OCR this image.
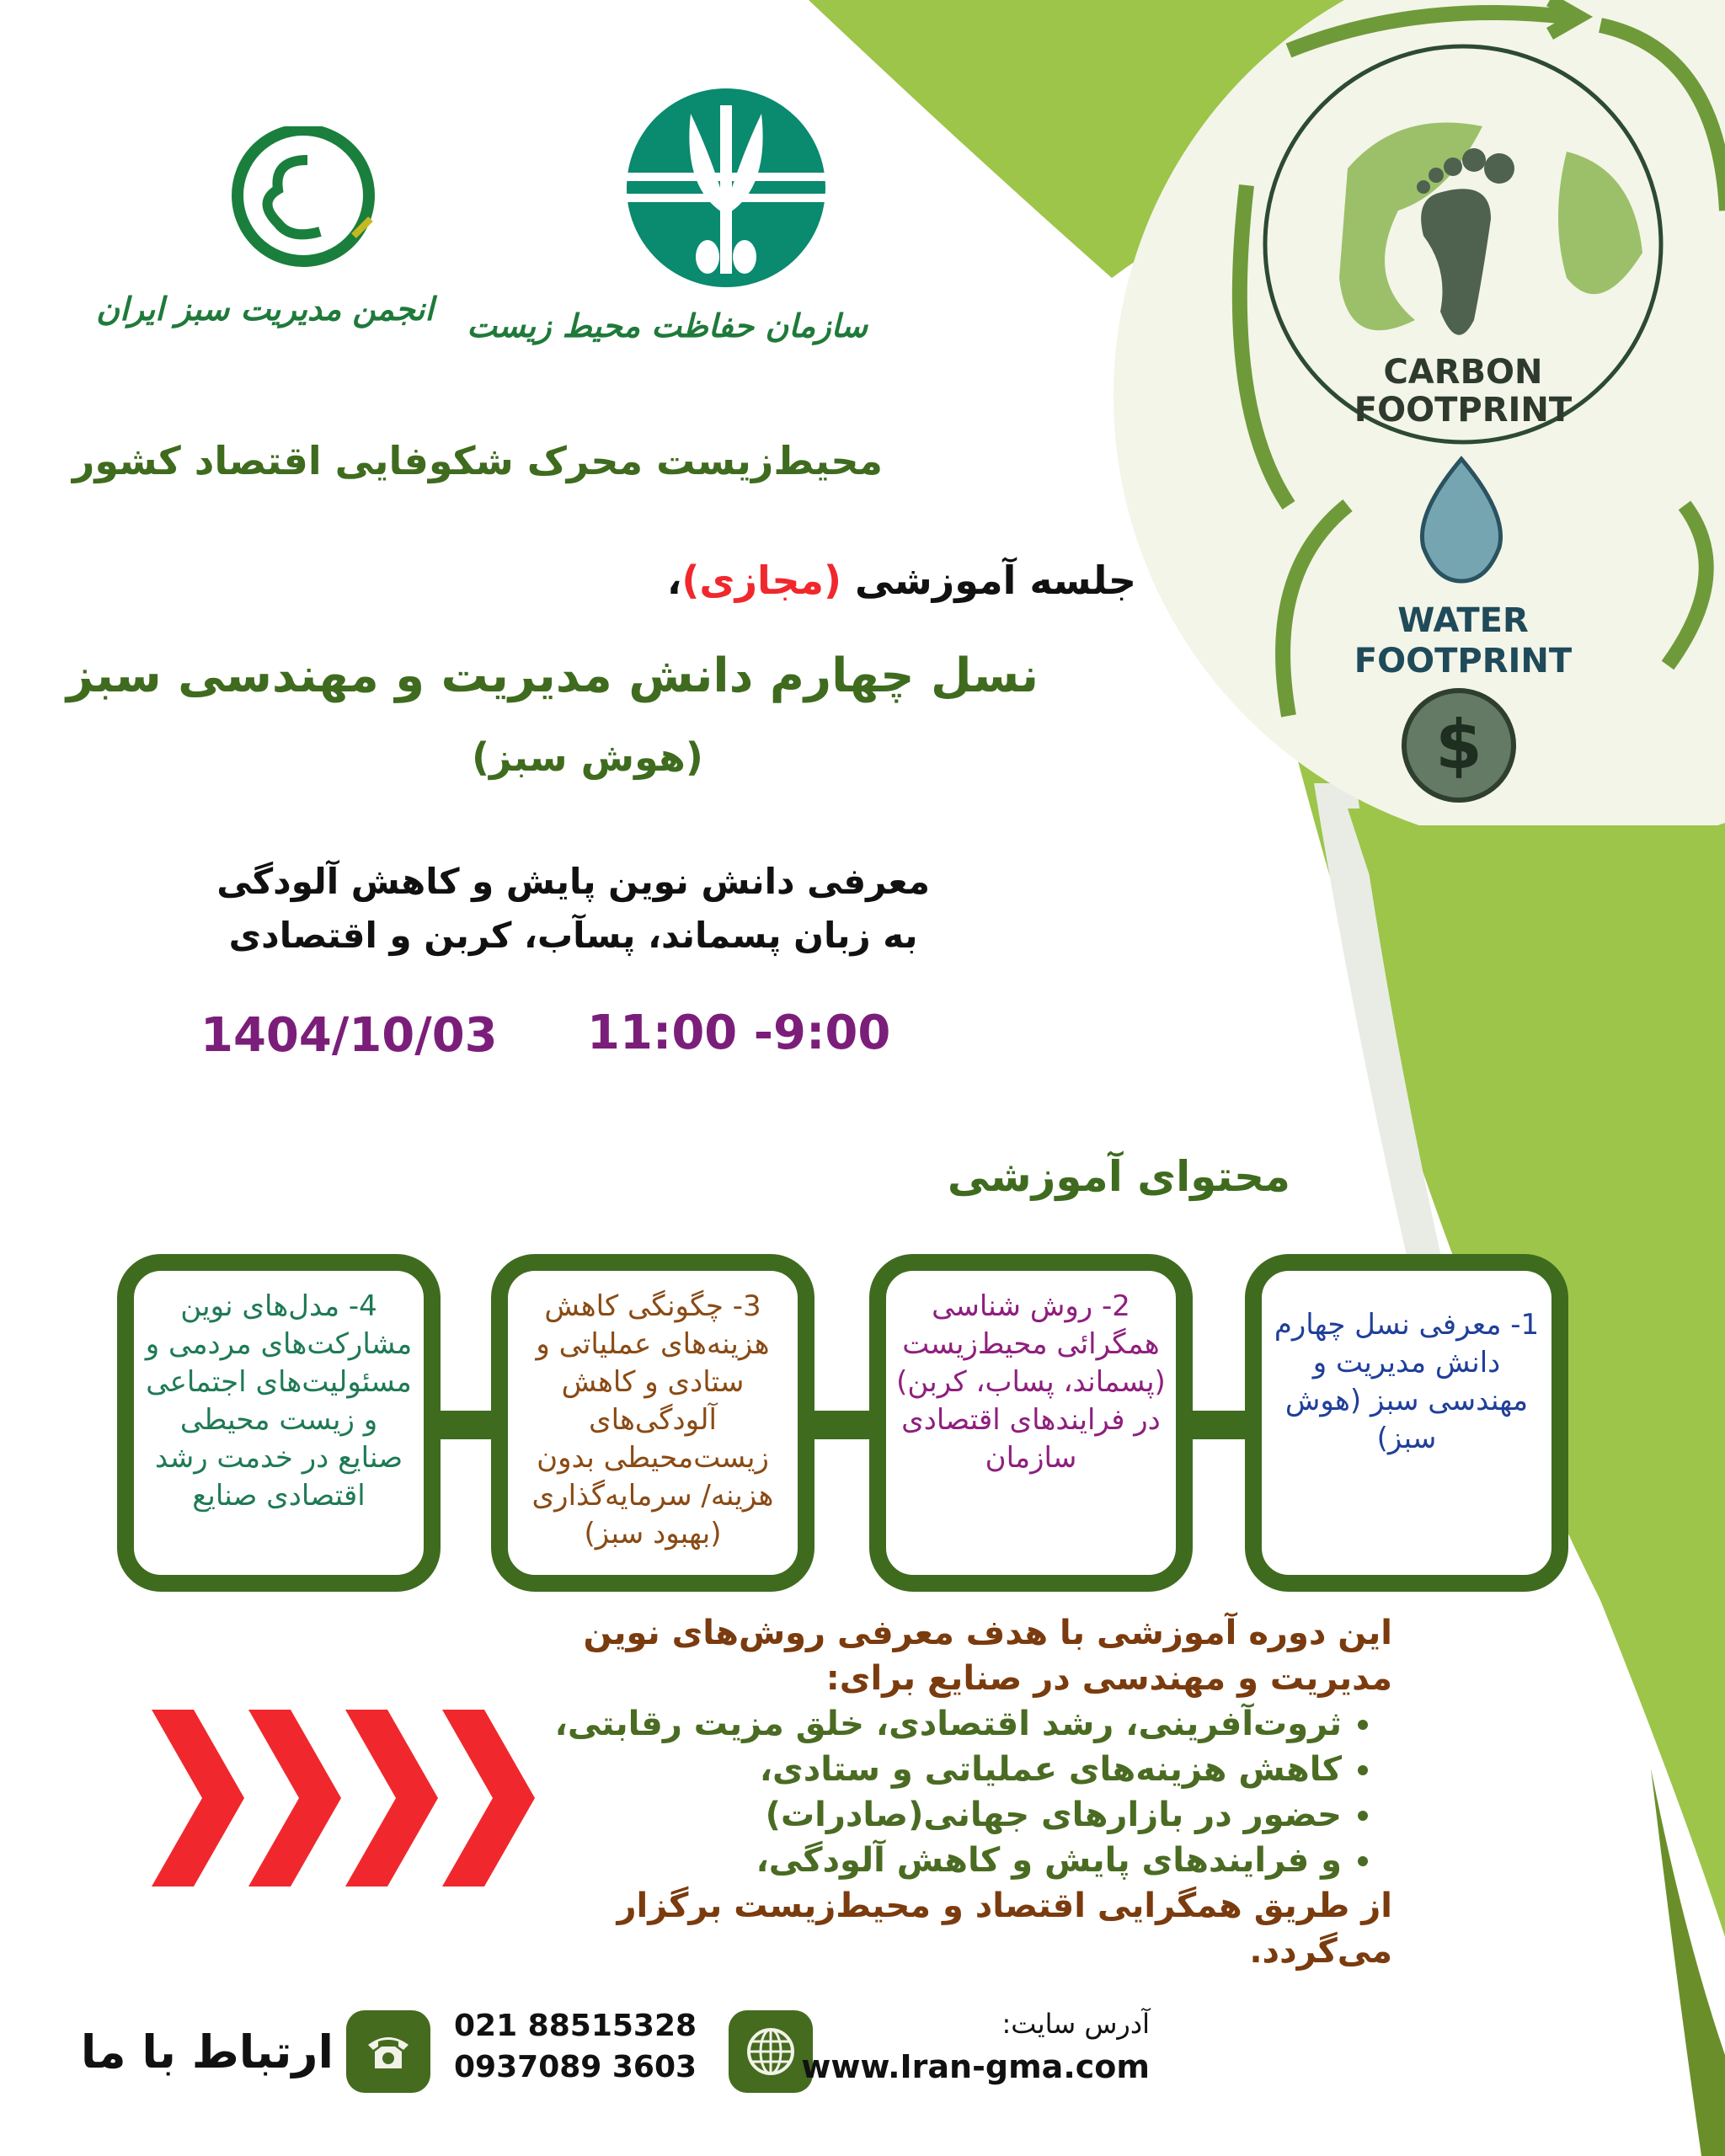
انجمن مدیریت سبز ایران سازمان حفاظت محیط زیست
CARBON
FOOTPRINT
WATER
FOOTPRINT
$
محیط‌زیست محرک شکوفایی اقتصاد کشور
جلسه آموزشی (مجازی)،
نسل چهارم دانش مدیریت و مهندسی سبز
(هوش سبز)
معرفی دانش نوین پایش و کاهش آلودگی
به زبان پسماند، پسآب، کربن و اقتصادی
1404/10/03 11:00 -9:00
محتوای آموزشی
1- معرفی نسل چهارم دانش مدیریت و مهندسی سبز (هوش سبز)
2- روش شناسی همگرائی محیط‌زیست (پسماند، پساب، کربن) در فرایندهای اقتصادی سازمان
3- چگونگی کاهش هزینه‌های عملیاتی و ستادی و کاهش آلودگی‌های زیست‌محیطی بدون هزینه/ سرمایه‌گذاری (بهبود سبز)
4- مدل‌های نوین مشارکت‌های مردمی و مسئولیت‌های اجتماعی و زیست محیطی صنایع در خدمت رشد اقتصادی صنایع
این دوره آموزشی با هدف معرفی روش‌های نوین مدیریت و مهندسی در صنایع برای:
• ثروت‌آفرینی، رشد اقتصادی، خلق مزیت رقابتی،
• کاهش هزینه‌های عملیاتی و ستادی،
• حضور در بازارهای جهانی(صادرات)
• و فرایندهای پایش و کاهش آلودگی،
از طریق همگرایی اقتصاد و محیط‌زیست برگزار می‌گردد.
ارتباط با ما	021 88515328
0937089 3603
آدرس سایت:
www.Iran-gma.com
